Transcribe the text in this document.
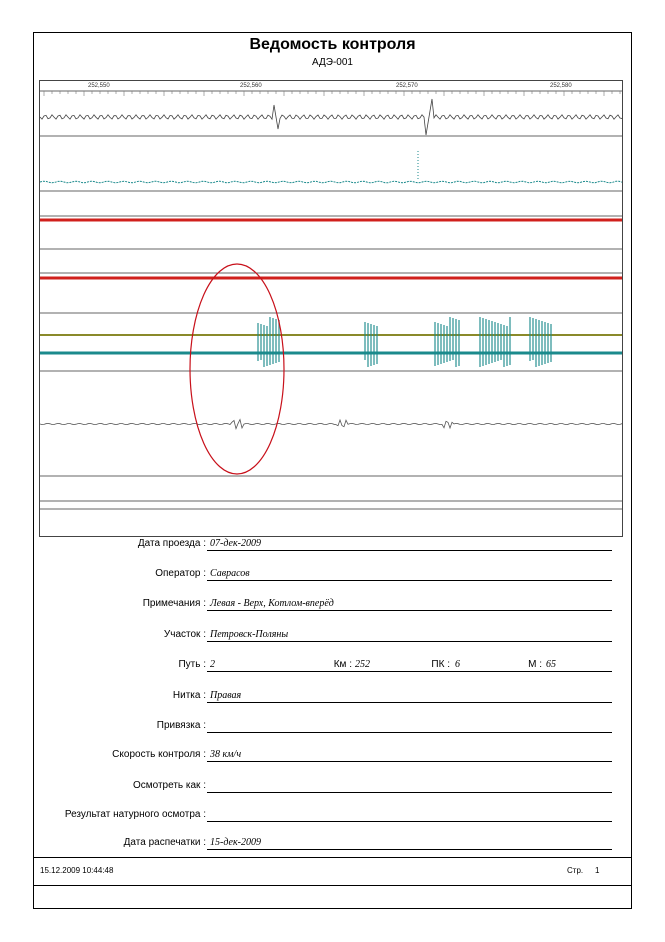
Ведомость контроля
АДЭ-001
252,550	252,560	252,570	252,580
Дата проезда : 07-дек-2009
Оператор : Саврасов
Примечания : Левая - Верх, Котлом-вперёд
Участок : Петровск-Поляны
Путь : 2	Км : 252	ПК : 6	М : 65
Нитка : Правая
Привязка :
Скорость контроля : 38 км/ч
Осмотреть как :
Результат натурного осмотра :
Дата распечатки : 15-дек-2009
15.12.2009 10:44:48	Стр. 1
